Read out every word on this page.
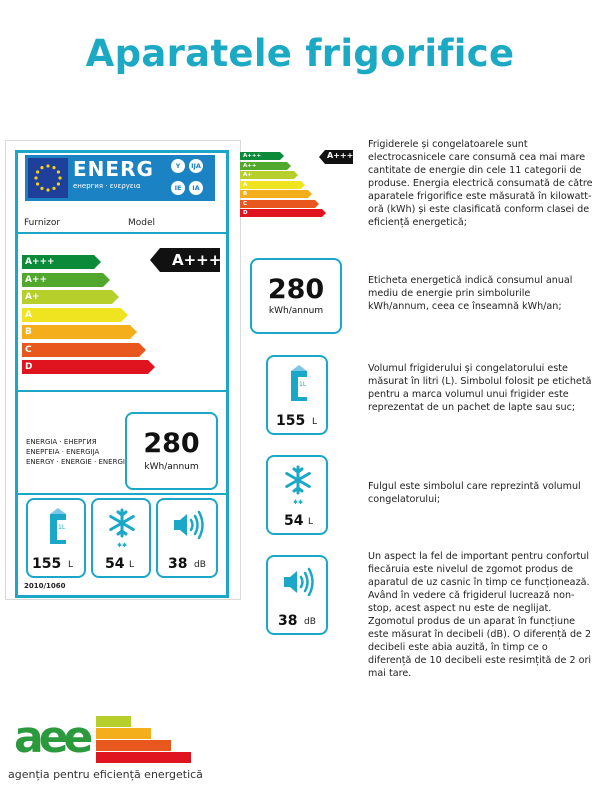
Aparatele frigorifice
ENERG
енергия · ενεργεια
Y	IJA
IE	IA
Furnizor	Model
A+++
A++
A+
A
B
C
D
A+++
ENERGIA · ЕНЕРГИЯ
ΕΝΕΡΓΕΙΑ · ENERGIJA
ENERGY · ENERGIE · ENERGI
280
kWh/annum
1L
155 L
✱✱
54 L 38 dB
2010/1060
A+++
A++
A+
A
B
C
D
A+++
Frigiderele și congelatoarele sunt electrocasnicele care consumă cea mai mare cantitate de energie din cele 11 categorii de produse. Energia electrică consumată de către aparatele frigorifice este măsurată în kilowatt-oră (kWh) și este clasificată conform clasei de eficiență energetică;
280
kWh/annum
Eticheta energetică indică consumul anual mediu de energie prin simbolurile kWh/annum, ceea ce înseamnă kWh/an;
1L
155 L
Volumul frigiderului și congelatorului este măsurat în litri (L). Simbolul folosit pe etichetă pentru a marca volumul unui frigider este reprezentat de un pachet de lapte sau suc;
✱✱
54 L
Fulgul este simbolul care reprezintă volumul congelatorului;
38 dB
Un aspect la fel de important pentru confortul fiecăruia este nivelul de zgomot produs de aparatul de uz casnic în timp ce funcționează. Având în vedere că frigiderul lucrează non-stop, acest aspect nu este de neglijat. Zgomotul produs de un aparat în funcțiune este măsurat în decibeli (dB). O diferență de 2 decibeli este abia auzită, în timp ce o diferență de 10 decibeli este resimțită de 2 ori mai tare.
aee
agenția pentru eficiență energetică
